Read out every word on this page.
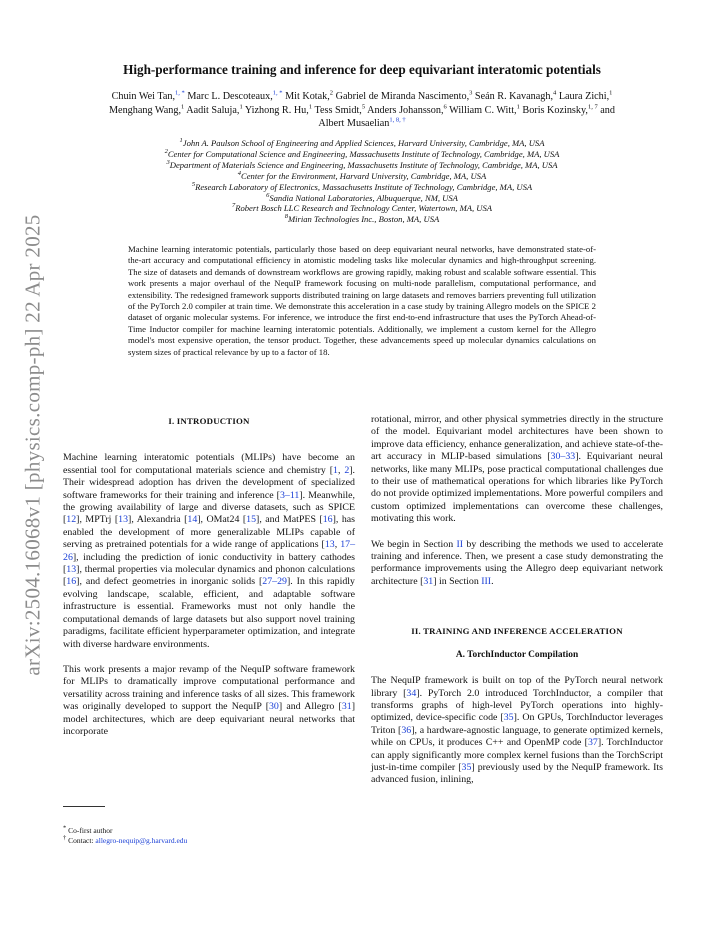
arXiv:2504.16068v1 [physics.comp-ph] 22 Apr 2025
High-performance training and inference for deep equivariant interatomic potentials
Chuin Wei Tan,$^{1, *}$ Marc L. Descoteaux,$^{1, *}$ Mit Kotak,$^2$ Gabriel de Miranda Nascimento,$^3$ Seán R. Kavanagh,$^4$ Laura Zichi,$^1$ Menghang Wang,$^1$ Aadit Saluja,$^1$ Yizhong R. Hu,$^1$ Tess Smidt,$^5$ Anders Johansson,$^6$ William C. Witt,$^1$ Boris Kozinsky,$^{1, 7}$ and Albert Musaelian$^{1, 8, \dagger}$
$^1$John A. Paulson School of Engineering and Applied Sciences, Harvard University, Cambridge, MA, USA
$^2$Center for Computational Science and Engineering, Massachusetts Institute of Technology, Cambridge, MA, USA
$^3$Department of Materials Science and Engineering, Massachusetts Institute of Technology, Cambridge, MA, USA
$^4$Center for the Environment, Harvard University, Cambridge, MA, USA
$^5$Research Laboratory of Electronics, Massachusetts Institute of Technology, Cambridge, MA, USA
$^6$Sandia National Laboratories, Albuquerque, NM, USA
$^7$Robert Bosch LLC Research and Technology Center, Watertown, MA, USA
$^8$Mirian Technologies Inc., Boston, MA, USA
Machine learning interatomic potentials, particularly those based on deep equivariant neural networks, have demonstrated state-of-the-art accuracy and computational efficiency in atomistic modeling tasks like molecular dynamics and high-throughput screening. The size of datasets and demands of downstream workflows are growing rapidly, making robust and scalable software essential. This work presents a major overhaul of the NequIP framework focusing on multi-node parallelism, computational performance, and extensibility. The redesigned framework supports distributed training on large datasets and removes barriers preventing full utilization of the PyTorch 2.0 compiler at train time. We demonstrate this acceleration in a case study by training Allegro models on the SPICE 2 dataset of organic molecular systems. For inference, we introduce the first end-to-end infrastructure that uses the PyTorch Ahead-of-Time Inductor compiler for machine learning interatomic potentials. Additionally, we implement a custom kernel for the Allegro model's most expensive operation, the tensor product. Together, these advancements speed up molecular dynamics calculations on system sizes of practical relevance by up to a factor of 18.
I. INTRODUCTION

Machine learning interatomic potentials (MLIPs) have become an essential tool for computational materials science and chemistry [1, 2]. Their widespread adoption has driven the development of specialized software frameworks for their training and inference [3–11]. Meanwhile, the growing availability of large and diverse datasets, such as SPICE [12], MPTrj [13], Alexandria [14], OMat24 [15], and MatPES [16], has enabled the development of more generalizable MLIPs capable of serving as pretrained potentials for a wide range of applications [13, 17–26], including the prediction of ionic conductivity in battery cathodes [13], thermal properties via molecular dynamics and phonon calculations [16], and defect geometries in inorganic solids [27–29]. In this rapidly evolving landscape, scalable, efficient, and adaptable software infrastructure is essential. Frameworks must not only handle the computational demands of large datasets but also support novel training paradigms, facilitate efficient hyperparameter optimization, and integrate with diverse hardware environments.

This work presents a major revamp of the NequIP software framework for MLIPs to dramatically improve computational performance and versatility across training and inference tasks of all sizes. This framework was originally developed to support the NequIP [30] and Allegro [31] model architectures, which are deep equivariant neural networks that incorporate

rotational, mirror, and other physical symmetries directly in the structure of the model. Equivariant model architectures have been shown to improve data efficiency, enhance generalization, and achieve state-of-the-art accuracy in MLIP-based simulations [30–33]. Equivariant neural networks, like many MLIPs, pose practical computational challenges due to their use of mathematical operations for which libraries like PyTorch do not provide optimized implementations. More powerful compilers and custom optimized implementations can overcome these challenges, motivating this work.

We begin in Section II by describing the methods we used to accelerate training and inference. Then, we present a case study demonstrating the performance improvements using the Allegro deep equivariant network architecture [31] in Section III.

II. TRAINING AND INFERENCE ACCELERATION
A. TorchInductor Compilation

The NequIP framework is built on top of the PyTorch neural network library [34]. PyTorch 2.0 introduced TorchInductor, a compiler that transforms graphs of high-level PyTorch operations into highly-optimized, device-specific code [35]. On GPUs, TorchInductor leverages Triton [36], a hardware-agnostic language, to generate optimized kernels, while on CPUs, it produces C++ and OpenMP code [37]. TorchInductor can apply significantly more complex kernel fusions than the TorchScript just-in-time compiler [35] previously used by the NequIP framework. Its advanced fusion, inlining,

* Co-first author
† Contact: allegro-nequip@g.harvard.edu
